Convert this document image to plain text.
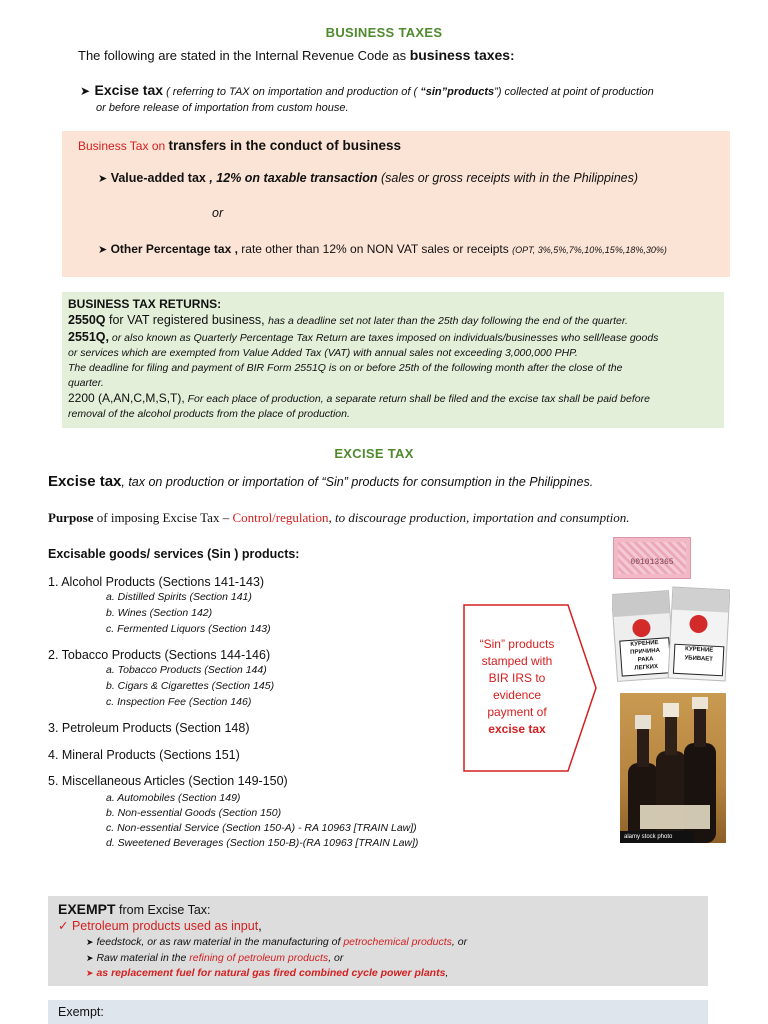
BUSINESS TAXES
The following are stated in the Internal Revenue Code as business taxes:
➤ Excise tax ( referring to TAX on importation and production of ( “sin”products”) collected at point of production
or before release of importation from custom house.
Business Tax on transfers in the conduct of business
➤ Value-added tax , 12% on taxable transaction (sales or gross receipts with in the Philippines)
or
➤ Other Percentage tax , rate other than 12% on NON VAT sales or receipts (OPT, 3%,5%,7%,10%,15%,18%,30%)
BUSINESS TAX RETURNS:
2550Q for VAT registered business, has a deadline set not later than the 25th day following the end of the quarter.
2551Q, or also known as Quarterly Percentage Tax Return are taxes imposed on individuals/businesses who sell/lease goods
or services which are exempted from Value Added Tax (VAT) with annual sales not exceeding 3,000,000 PHP.
The deadline for filing and payment of BIR Form 2551Q is on or before 25th of the following month after the close of the
quarter.
2200 (A,AN,C,M,S,T), For each place of production, a separate return shall be filed and the excise tax shall be paid before
removal of the alcohol products from the place of production.
EXCISE TAX
Excise tax, tax on production or importation of “Sin” products for consumption in the Philippines.
Purpose of imposing Excise Tax – Control/regulation, to discourage production, importation and consumption.
Excisable goods/ services (Sin ) products:
1. Alcohol Products (Sections 141-143)
a. Distilled Spirits (Section 141)
b. Wines (Section 142)
c. Fermented Liquors (Section 143)
2. Tobacco Products (Sections 144-146)
a. Tobacco Products (Section 144)
b. Cigars & Cigarettes (Section 145)
c. Inspection Fee (Section 146)
3. Petroleum Products (Section 148)
4. Mineral Products (Sections 151)
5. Miscellaneous Articles (Section 149-150)
a. Automobiles (Section 149)
b. Non-essential Goods (Section 150)
c. Non-essential Service (Section 150-A) - RA 10963 [TRAIN Law])
d. Sweetened Beverages (Section 150-B)-(RA 10963 [TRAIN Law])
“Sin” products
stamped with
BIR IRS to
evidence
payment of
excise tax
001013365
КУРЕНИЕ
ПРИЧИНА
РАКА
ЛЕГКИХ
КУРЕНИЕ
УБИВАЕТ
alamy stock photo
EXEMPT from Excise Tax:
✓ Petroleum products used as input,
➤ feedstock, or as raw material in the manufacturing of petrochemical products, or
➤ Raw material in the refining of petroleum products, or
➤ as replacement fuel for natural gas fired combined cycle power plants,
Exempt:
